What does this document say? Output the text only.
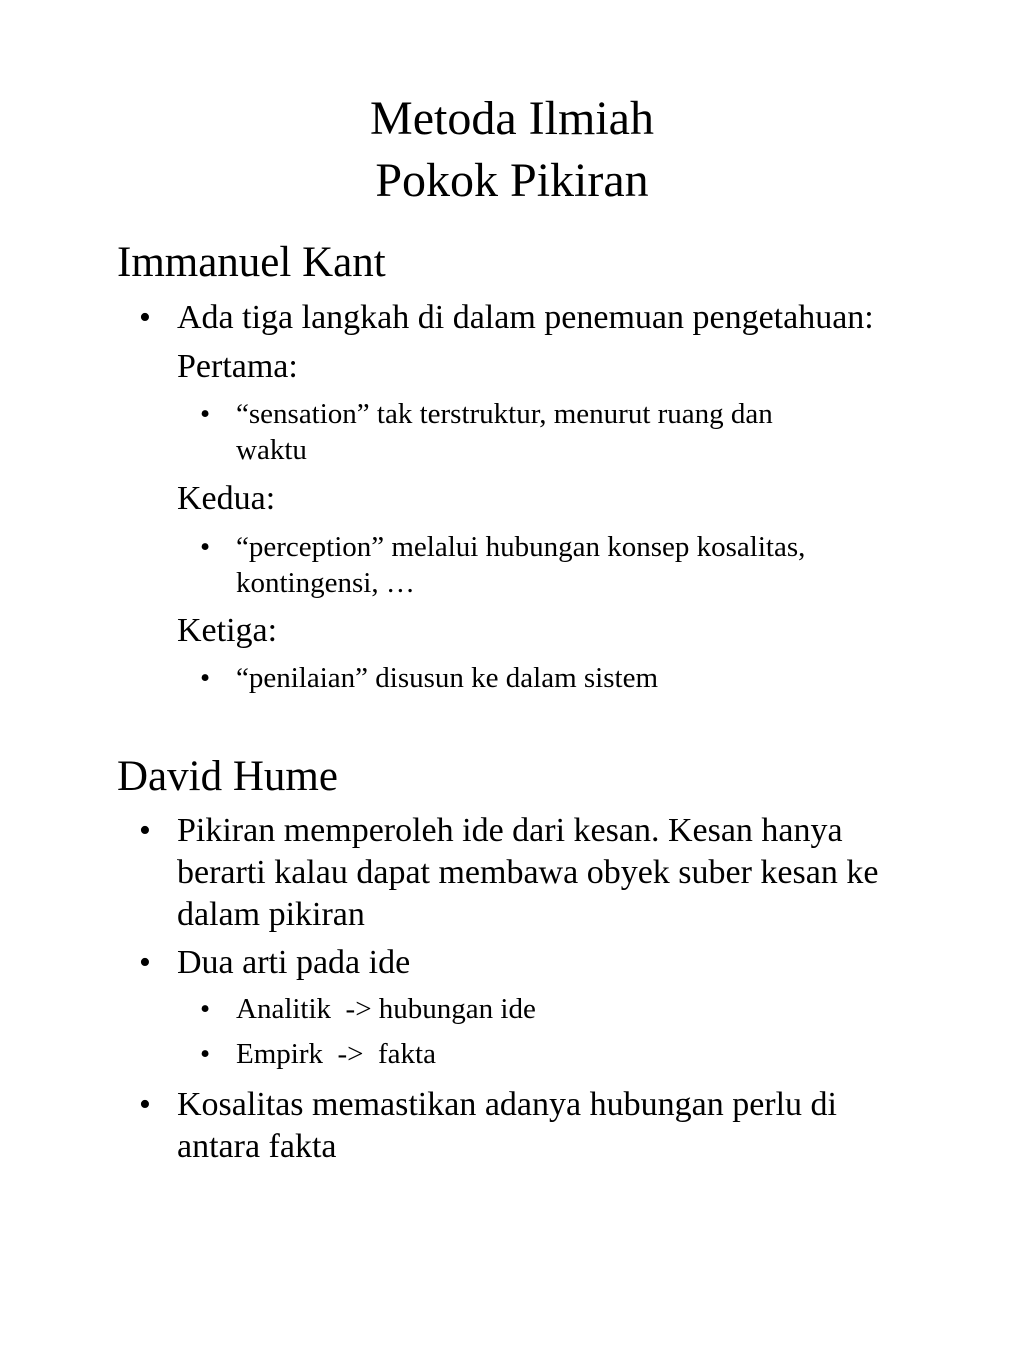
Metoda Ilmiah
Pokok Pikiran
Immanuel Kant
• Ada tiga langkah di dalam penemuan pengetahuan:
Pertama:
• “sensation” tak terstruktur, menurut ruang dan
waktu
Kedua:
• “perception” melalui hubungan konsep kosalitas,
kontingensi, …
Ketiga:
• “penilaian” disusun ke dalam sistem
David Hume
• Pikiran memperoleh ide dari kesan. Kesan hanya
berarti kalau dapat membawa obyek suber kesan ke
dalam pikiran
• Dua arti pada ide
• Analitik  -> hubungan ide
• Empirk  ->  fakta
• Kosalitas memastikan adanya hubungan perlu di
antara fakta
